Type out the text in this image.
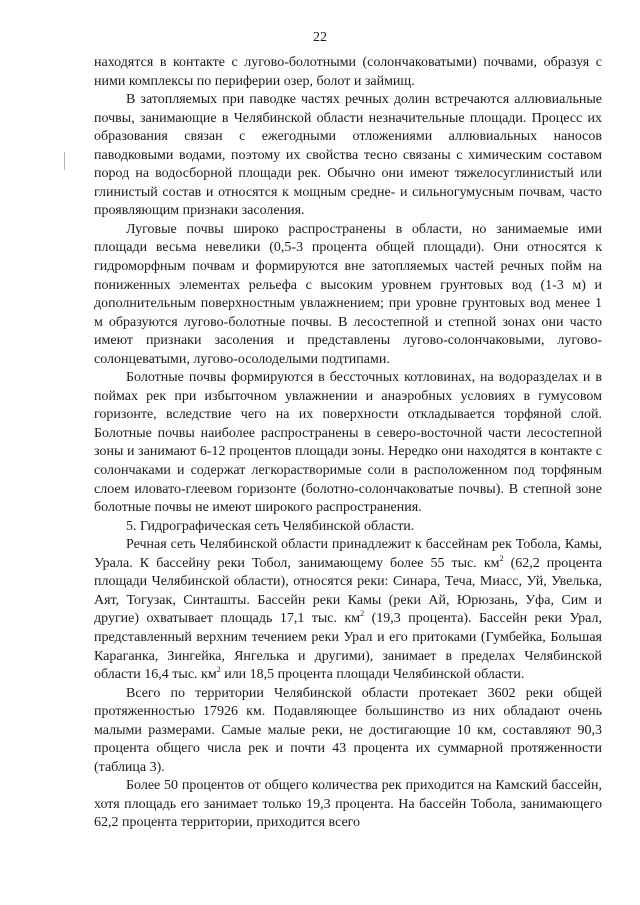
22

находятся в контакте с лугово-болотными (солончаковатыми) почвами, образуя с ними комплексы по периферии озер, болот и займищ.

В затопляемых при паводке частях речных долин встречаются аллювиальные почвы, занимающие в Челябинской области незначительные площади. Процесс их образования связан с ежегодными отложениями аллювиальных наносов паводковыми водами, поэтому их свойства тесно связаны с химическим составом пород на водосборной площади рек. Обычно они имеют тяжелосуглинистый или глинистый состав и относятся к мощным средне- и сильногумусным почвам, часто проявляющим признаки засоления.

Луговые почвы широко распространены в области, но занимаемые ими площади весьма невелики (0,5-3 процента общей площади). Они относятся к гидроморфным почвам и формируются вне затопляемых частей речных пойм на пониженных элементах рельефа с высоким уровнем грунтовых вод (1-3 м) и дополнительным поверхностным увлажнением; при уровне грунтовых вод менее 1 м образуются лугово-болотные почвы. В лесостепной и степной зонах они часто имеют признаки засоления и представлены лугово-солончаковыми, лугово-солонцеватыми, лугово-осолоделыми подтипами.

Болотные почвы формируются в бессточных котловинах, на водоразделах и в поймах рек при избыточном увлажнении и анаэробных условиях в гумусовом горизонте, вследствие чего на их поверхности откладывается торфяной слой. Болотные почвы наиболее распространены в северо-восточной части лесостепной зоны и занимают 6-12 процентов площади зоны. Нередко они находятся в контакте с солончаками и содержат легкорастворимые соли в расположенном под торфяным слоем иловато-глеевом горизонте (болотно-солончаковатые почвы). В степной зоне болотные почвы не имеют широкого распространения.

5. Гидрографическая сеть Челябинской области.

Речная сеть Челябинской области принадлежит к бассейнам рек Тобола, Камы, Урала. К бассейну реки Тобол, занимающему более 55 тыс. $км^2$ (62,2 процента площади Челябинской области), относятся реки: Синара, Теча, Миасс, Уй, Увелька, Аят, Тогузак, Синташты. Бассейн реки Камы (реки Ай, Юрюзань, Уфа, Сим и другие) охватывает площадь 17,1 тыс. $км^2$ (19,3 процента). Бассейн реки Урал, представленный верхним течением реки Урал и его притоками (Гумбейка, Большая Караганка, Зингейка, Янгелька и другими), занимает в пределах Челябинской области 16,4 тыс. $км^2$ или 18,5 процента площади Челябинской области.

Всего по территории Челябинской области протекает 3602 реки общей протяженностью 17926 км. Подавляющее большинство из них обладают очень малыми размерами. Самые малые реки, не достигающие 10 км, составляют 90,3 процента общего числа рек и почти 43 процента их суммарной протяженности (таблица 3).

Более 50 процентов от общего количества рек приходится на Камский бассейн, хотя площадь его занимает только 19,3 процента. На бассейн Тобола, занимающего 62,2 процента территории, приходится всего
